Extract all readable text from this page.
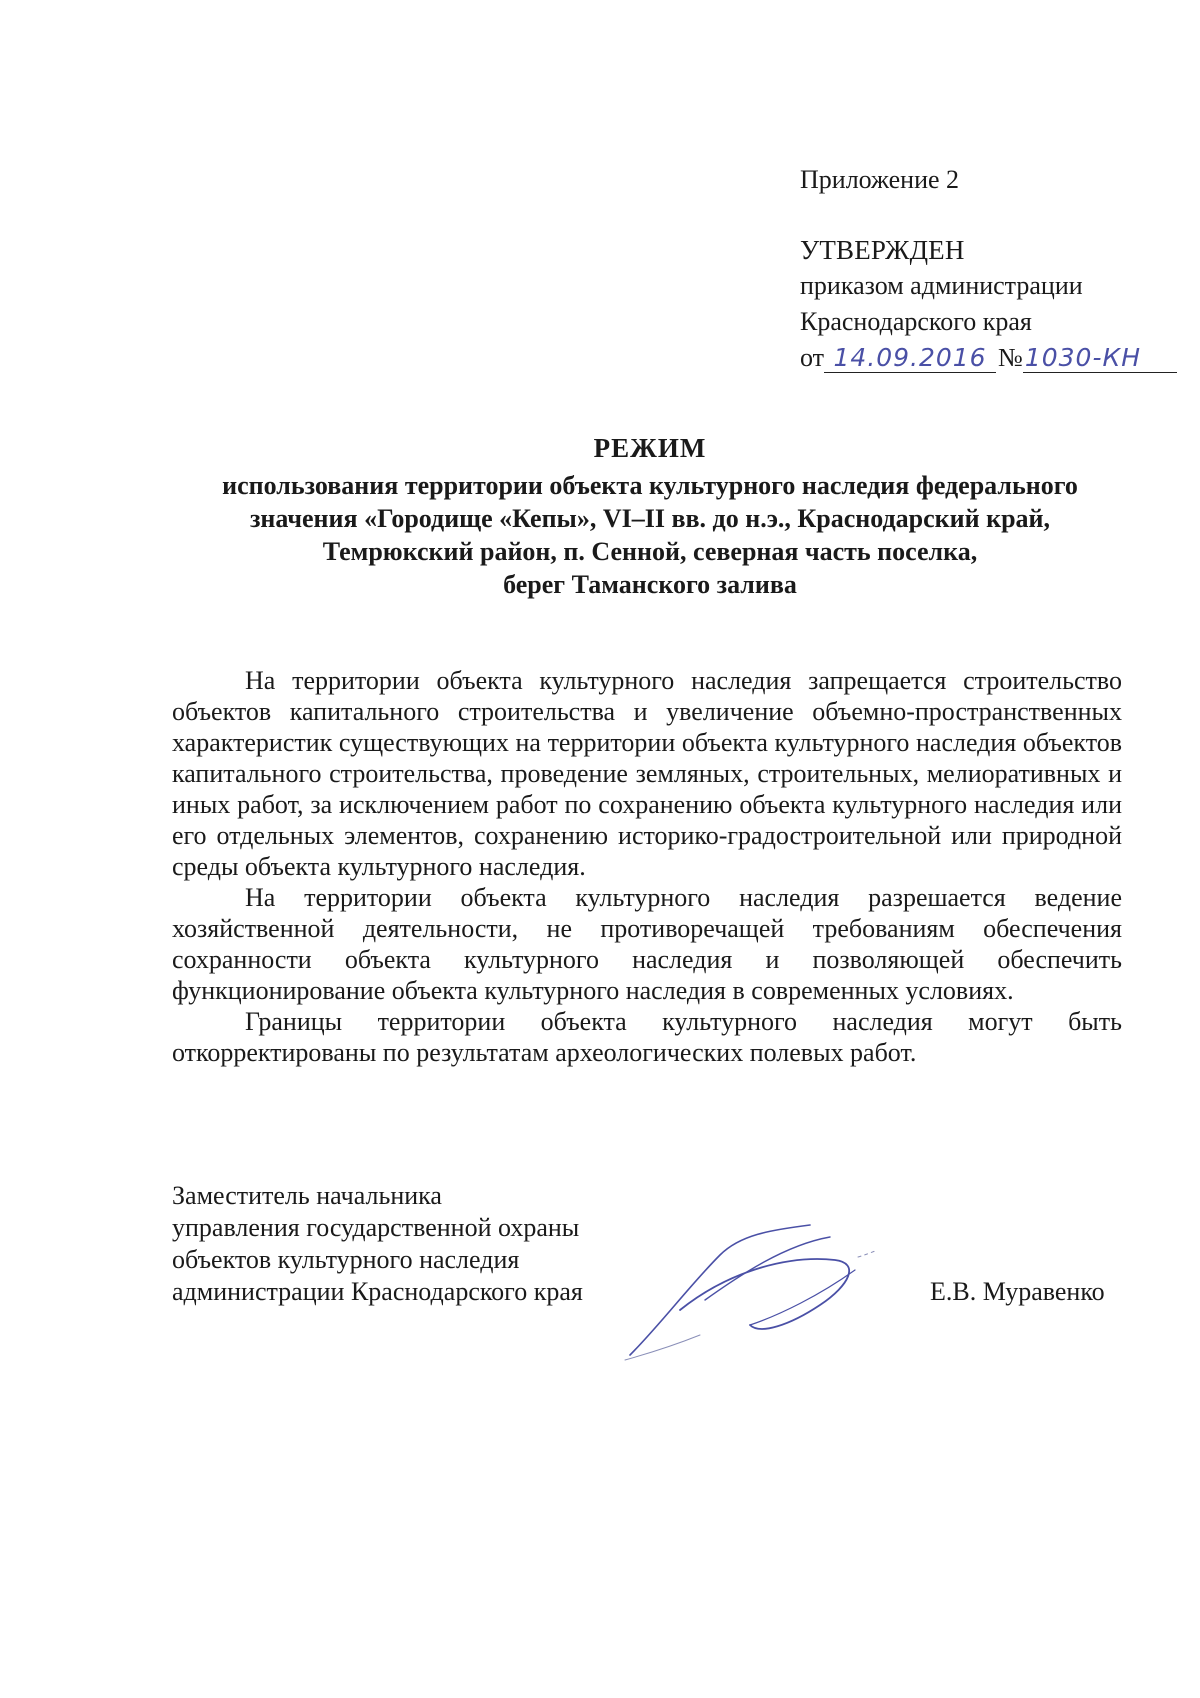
Приложение 2
УТВЕРЖДЕН
приказом администрации
Краснодарского края
от 14.09.2016 №1030-КН
РЕЖИМ
использования территории объекта культурного наследия федерального
значения «Городище «Кепы», VI–II вв. до н.э., Краснодарский край,
Темрюкский район, п. Сенной, северная часть поселка,
берег Таманского залива

На территории объекта культурного наследия запрещается строительство объектов капитального строительства и увеличение объемно-пространственных характеристик существующих на территории объекта культурного наследия объектов капитального строительства, проведение земляных, строительных, мелиоративных и иных работ, за исключением работ по сохранению объекта культурного наследия или его отдельных элементов, сохранению историко-градостроительной или природной среды объекта культурного наследия.

На территории объекта культурного наследия разрешается ведение хозяйственной деятельности, не противоречащей требованиям обеспечения сохранности объекта культурного наследия и позволяющей обеспечить функционирование объекта культурного наследия в современных условиях.

Границы территории объекта культурного наследия могут быть откорректированы по результатам археологических полевых работ.

Заместитель начальника
управления государственной охраны
объектов культурного наследия
администрации Краснодарского края	Е.В. Муравенко
